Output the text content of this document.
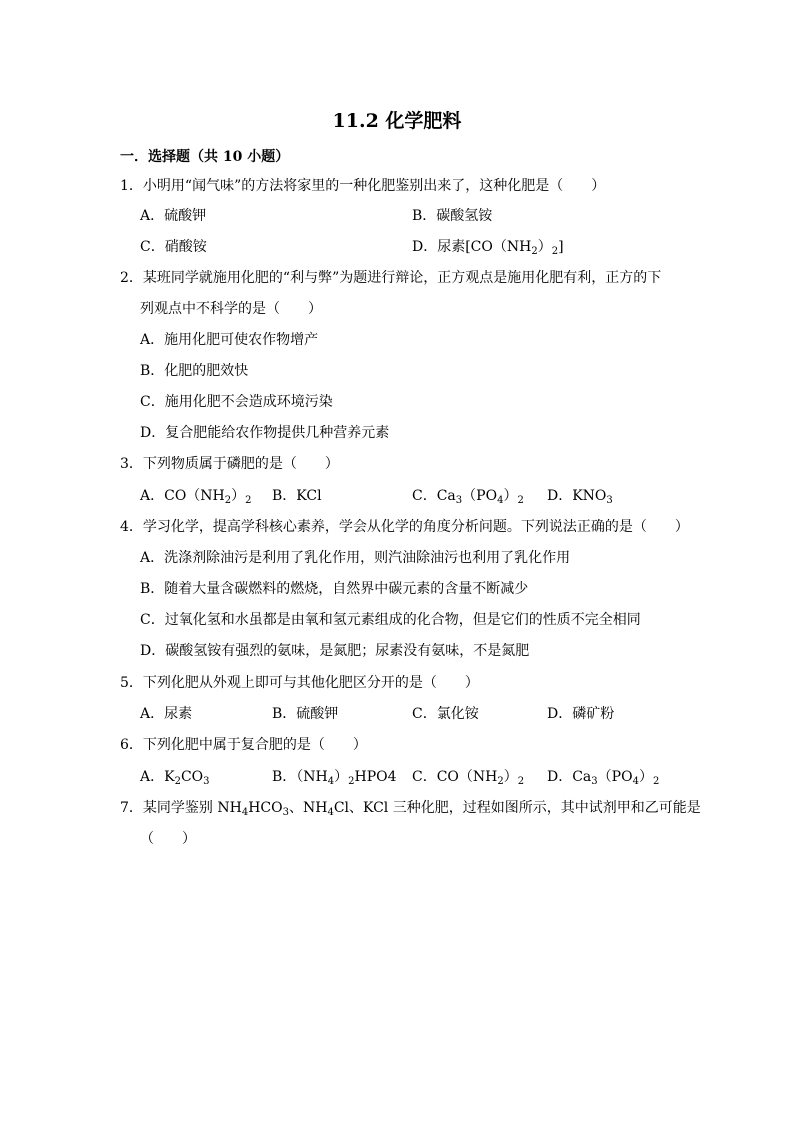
11.2 化学肥料
一．选择题（共 10 小题）
1．小明用“闻气味”的方法将家里的一种化肥鉴别出来了，这种化肥是（　　）
A．硫酸钾	B．碳酸氢铵
C．硝酸铵	D．尿素$[CO(NH_2)_2]$
2．某班同学就施用化肥的“利与弊”为题进行辩论，正方观点是施用化肥有利，正方的下
列观点中不科学的是（　　）
A．施用化肥可使农作物增产
B．化肥的肥效快
C．施用化肥不会造成环境污染
D．复合肥能给农作物提供几种营养元素
3．下列物质属于磷肥的是（　　）
A．$CO(NH_2)_2$ B．KCl	C．$Ca_3(PO_4)_2$ D．$KNO_3$
4．学习化学，提高学科核心素养，学会从化学的角度分析问题。下列说法正确的是（　　）
A．洗涤剂除油污是利用了乳化作用，则汽油除油污也利用了乳化作用
B．随着大量含碳燃料的燃烧，自然界中碳元素的含量不断减少
C．过氧化氢和水虽都是由氧和氢元素组成的化合物，但是它们的性质不完全相同
D．碳酸氢铵有强烈的氨味，是氮肥；尿素没有氨味，不是氮肥
5．下列化肥从外观上即可与其他化肥区分开的是（　　）
A．尿素	B．硫酸钾	C．氯化铵	D．磷矿粉
6．下列化肥中属于复合肥的是（　　）
A．$K_2CO_3$	B．$(NH_4)_2HPO4$ C．$CO(NH_2)_2$ D．$Ca_3(PO_4)_2$
7．某同学鉴别 $NH_4HCO_3$、$NH_4Cl$、KCl 三种化肥，过程如图所示，其中试剂甲和乙可能是
（　　）
